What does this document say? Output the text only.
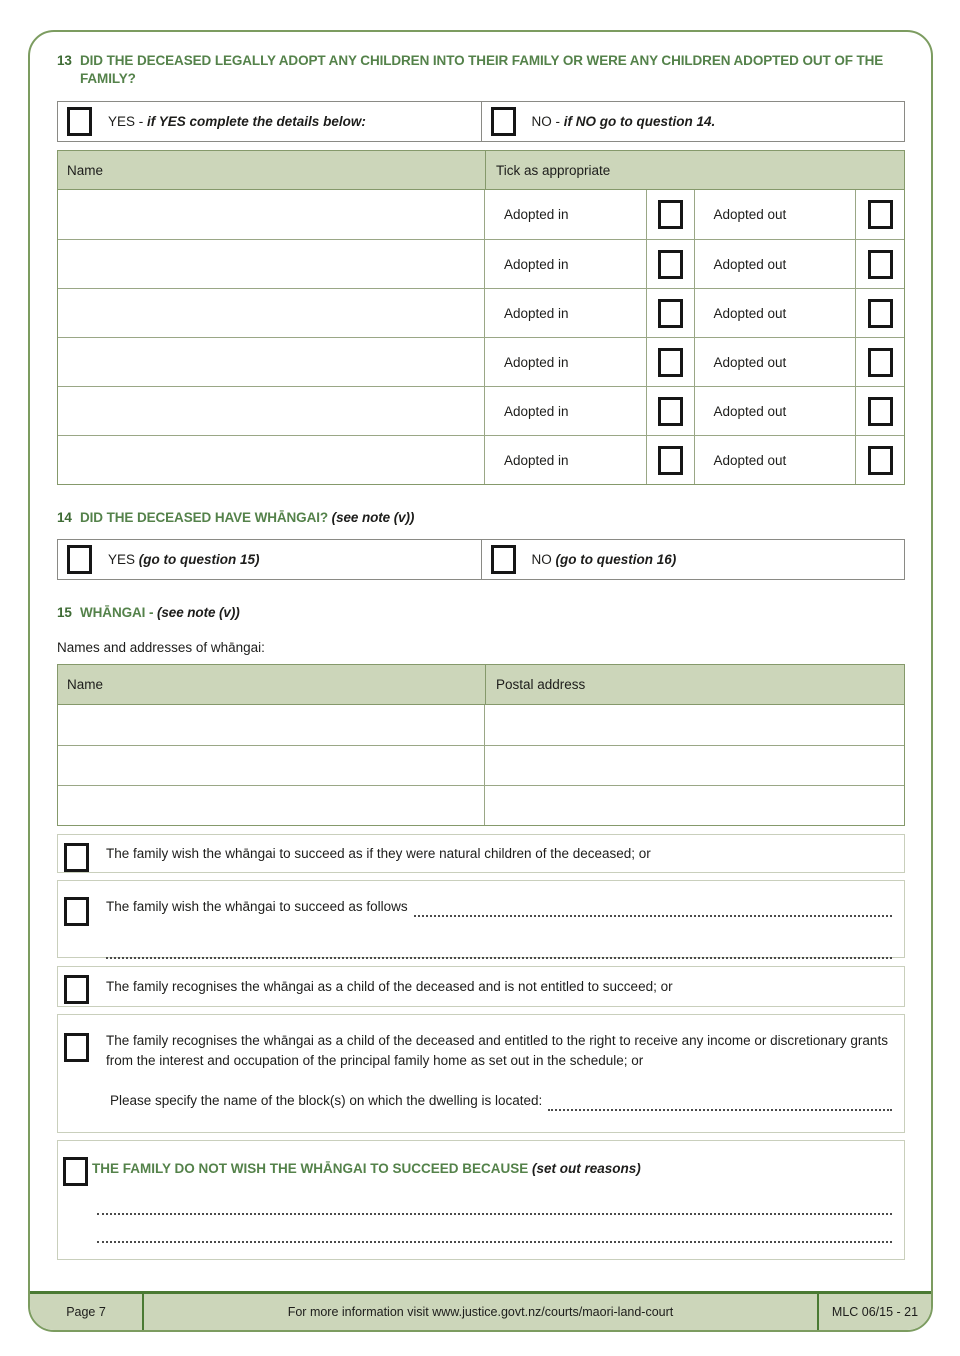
13 DID THE DECEASED LEGALLY ADOPT ANY CHILDREN INTO THEIR FAMILY OR WERE ANY CHILDREN ADOPTED OUT OF THE FAMILY?
YES - if YES complete the details below:	NO - if NO go to question 14.
Name	Tick as appropriate
Adopted in	Adopted out
Adopted in	Adopted out
Adopted in	Adopted out
Adopted in	Adopted out
Adopted in	Adopted out
Adopted in	Adopted out
14 DID THE DECEASED HAVE WHĀNGAI? (see note (v))
YES (go to question 15)	NO (go to question 16)
15 WHĀNGAI - (see note (v))
Names and addresses of whāngai:
Name	Postal address
The family wish the whāngai to succeed as if they were natural children of the deceased; or
The family wish the whāngai to succeed as follows
The family recognises the whāngai as a child of the deceased and is not entitled to succeed; or
The family recognises the whāngai as a child of the deceased and entitled to the right to receive any income or discretionary grants from the interest and occupation of the principal family home as set out in the schedule; or
Please specify the name of the block(s) on which the dwelling is located:
THE FAMILY DO NOT WISH THE WHĀNGAI TO SUCCEED BECAUSE (set out reasons)
Page 7	For more information visit www.justice.govt.nz/courts/maori-land-court	MLC 06/15 - 21
